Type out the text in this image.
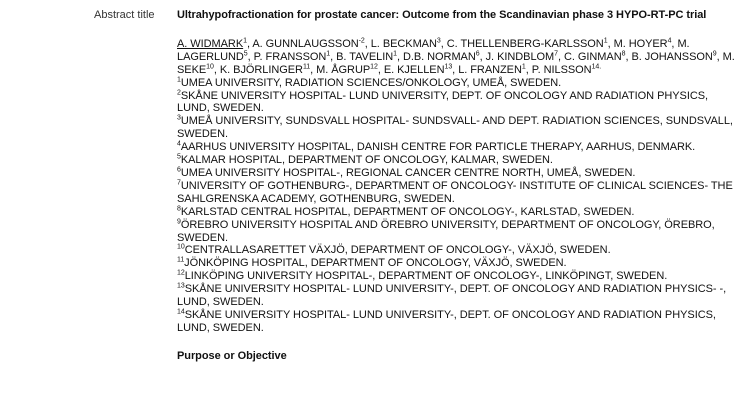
Abstract title Ultrahypofractionation for prostate cancer: Outcome from the Scandinavian phase 3 HYPO-RT-PC trial
A. WIDMARK$^1$, A. $GUNNLAUGSSON^{-2}$, L. BECKMAN$^3$, C. THELLENBERG-KARLSSON$^1$, M. HOYER$^4$, M. LAGERLUND$^5$, P. FRANSSON$^1$, B. TAVELIN$^1$, D.B. NORMAN$^6$, J. KINDBLOM$^7$, C. GINMAN$^8$, B. JOHANSSON$^9$, M. SEKE$^{10}$, K. BJÖRLINGER$^{11}$, M. ÅGRUP$^{12}$, E. KJELLEN$^{13}$, L. FRANZEN$^1$, P. $NILSSON^{14.}$
$^1$UMEA UNIVERSITY, RADIATION SCIENCES/ONKOLOGY, UMEÅ, SWEDEN.
$^2$SKÅNE UNIVERSITY HOSPITAL- LUND UNIVERSITY, DEPT. OF ONCOLOGY AND RADIATION PHYSICS, LUND, SWEDEN.
$^3$UMEÅ UNIVERSITY, SUNDSVALL HOSPITAL- SUNDSVALL- AND DEPT. RADIATION SCIENCES, SUNDSVALL, SWEDEN.
$^4$AARHUS UNIVERSITY HOSPITAL, DANISH CENTRE FOR PARTICLE THERAPY, AARHUS, DENMARK.
$^5$KALMAR HOSPITAL, DEPARTMENT OF ONCOLOGY, KALMAR, SWEDEN.
$^6$UMEA UNIVERSITY HOSPITAL-, REGIONAL CANCER CENTRE NORTH, UMEÅ, SWEDEN.
$^7$UNIVERSITY OF GOTHENBURG-, DEPARTMENT OF ONCOLOGY- INSTITUTE OF CLINICAL SCIENCES- THE SAHLGRENSKA ACADEMY, GOTHENBURG, SWEDEN.
$^8$KARLSTAD CENTRAL HOSPITAL, DEPARTMENT OF ONCOLOGY-, KARLSTAD, SWEDEN.
$^9$ÖREBRO UNIVERSITY HOSPITAL AND ÖREBRO UNIVERSITY, DEPARTMENT OF ONCOLOGY, ÖREBRO, SWEDEN.
$^{10}$CENTRALLASARETTET VÄXJÖ, DEPARTMENT OF ONCOLOGY-, VÄXJÖ, SWEDEN.
$^{11}$JÖNKÖPING HOSPITAL, DEPARTMENT OF ONCOLOGY, VÄXJÖ, SWEDEN.
$^{12}$LINKÖPING UNIVERSITY HOSPITAL-, DEPARTMENT OF ONCOLOGY-, LINKÖPINGT, SWEDEN.
$^{13}$SKÅNE UNIVERSITY HOSPITAL- LUND UNIVERSITY-, DEPT. OF ONCOLOGY AND RADIATION PHYSICS- -, LUND, SWEDEN.
$^{14}$SKÅNE UNIVERSITY HOSPITAL- LUND UNIVERSITY-, DEPT. OF ONCOLOGY AND RADIATION PHYSICS, LUND, SWEDEN.
Purpose or Objective
